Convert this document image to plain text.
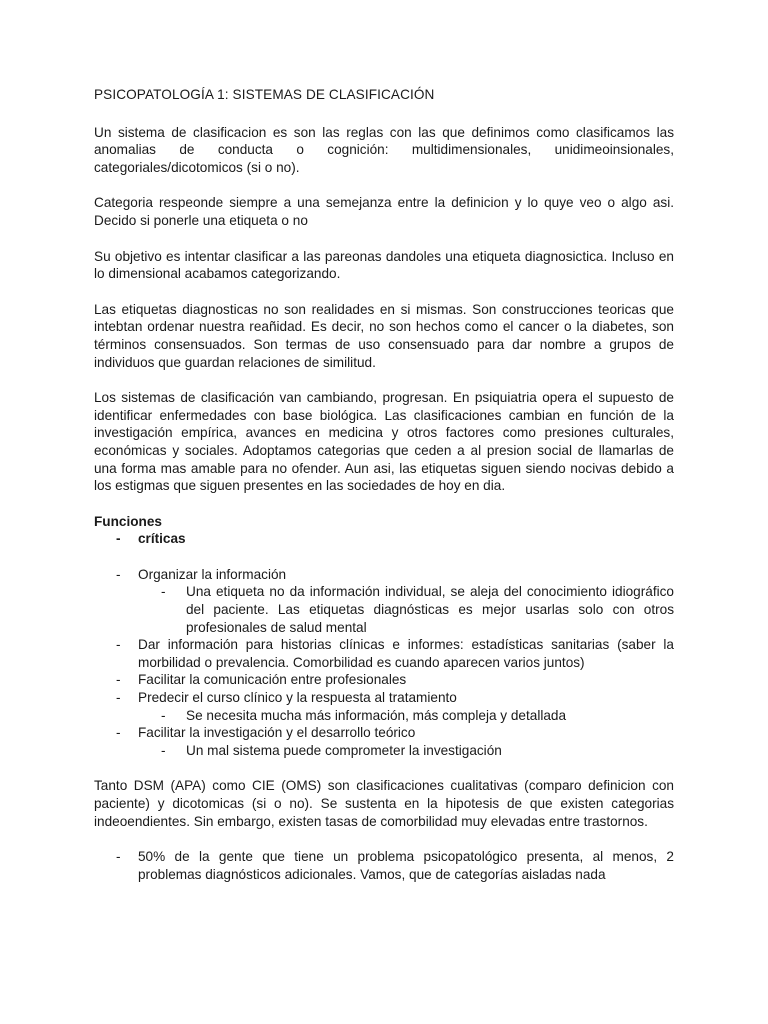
PSICOPATOLOGÍA 1: SISTEMAS DE CLASIFICACIÓN

Un sistema de clasificacion es son las reglas con las que definimos como clasificamos las anomalias de conducta o cognición: multidimensionales, unidimeoinsionales, categoriales/dicotomicos (si o no).

Categoria respeonde siempre a una semejanza entre la definicion y lo quye veo o algo asi. Decido si ponerle una etiqueta o no

Su objetivo es intentar clasificar a las pareonas dandoles una etiqueta diagnosictica. Incluso en lo dimensional acabamos categorizando.

Las etiquetas diagnosticas no son realidades en si mismas. Son construcciones teoricas que intebtan ordenar nuestra reañidad. Es decir, no son hechos como el cancer o la diabetes, son términos consensuados. Son termas de uso consensuado para dar nombre a grupos de individuos que guardan relaciones de similitud.

Los sistemas de clasificación van cambiando, progresan. En psiquiatria opera el supuesto de identificar enfermedades con base biológica. Las clasificaciones cambian en función de la investigación empírica, avances en medicina y otros factores como presiones culturales, económicas y sociales. Adoptamos categorias que ceden a al presion social de llamarlas de una forma mas amable para no ofender. Aun asi, las etiquetas siguen siendo nocivas debido a los estigmas que siguen presentes en las sociedades de hoy en dia.

Funciones
- críticas
- Organizar la información
- Una etiqueta no da información individual, se aleja del conocimiento idiográfico del paciente. Las etiquetas diagnósticas es mejor usarlas solo con otros profesionales de salud mental
- Dar información para historias clínicas e informes: estadísticas sanitarias (saber la morbilidad o prevalencia. Comorbilidad es cuando aparecen varios juntos)
- Facilitar la comunicación entre profesionales
- Predecir el curso clínico y la respuesta al tratamiento
- Se necesita mucha más información, más compleja y detallada
- Facilitar la investigación y el desarrollo teórico
- Un mal sistema puede comprometer la investigación

Tanto DSM (APA) como CIE (OMS) son clasificaciones cualitativas (comparo definicion con paciente) y dicotomicas (si o no). Se sustenta en la hipotesis de que existen categorias indeoendientes. Sin embargo, existen tasas de comorbilidad muy elevadas entre trastornos.

- 50% de la gente que tiene un problema psicopatológico presenta, al menos, 2 problemas diagnósticos adicionales. Vamos, que de categorías aisladas nada
